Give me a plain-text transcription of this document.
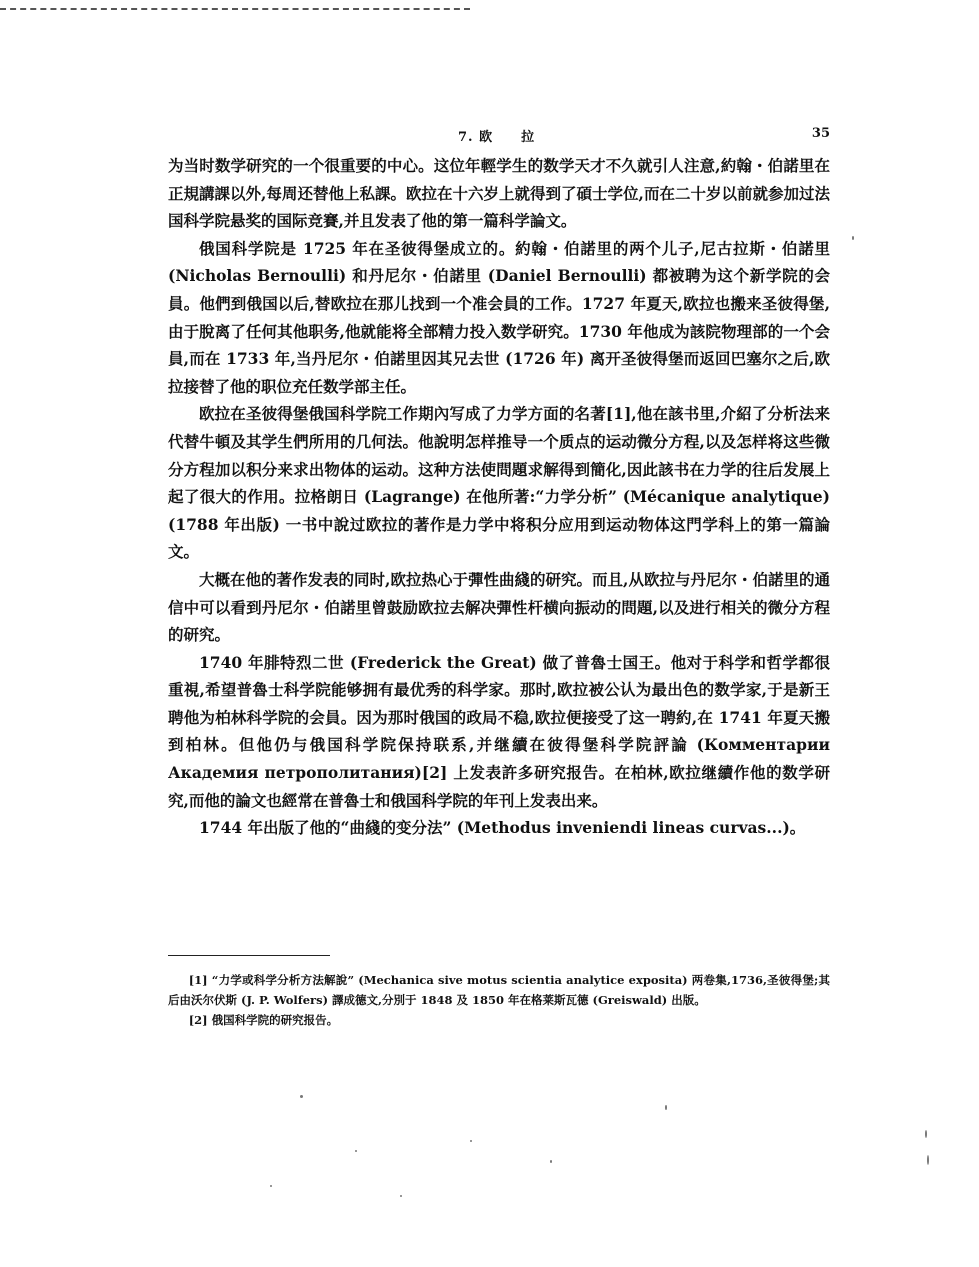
7. 欧　　拉	35

为当时数学研究的一个很重要的中心。这位年輕学生的数学天才不久就引人注意,約翰・伯諾里在正規講課以外,每周还替他上私課。欧拉在十六岁上就得到了碩士学位,而在二十岁以前就参加过法国科学院悬奖的国际竞賽,并且发表了他的第一篇科学論文。

俄国科学院是 1725 年在圣彼得堡成立的。約翰・伯諾里的两个儿子,尼古拉斯・伯諾里 (Nicholas Bernoulli) 和丹尼尔・伯諾里 (Daniel Bernoulli) 都被聘为这个新学院的会員。他們到俄国以后,替欧拉在那儿找到一个准会員的工作。1727 年夏天,欧拉也搬来圣彼得堡,由于脫离了任何其他职务,他就能将全部精力投入数学研究。1730 年他成为該院物理部的一个会員,而在 1733 年,当丹尼尔・伯諾里因其兄去世 (1726 年) 离开圣彼得堡而返回巴塞尔之后,欧拉接替了他的职位充任数学部主任。

欧拉在圣彼得堡俄国科学院工作期內写成了力学方面的名著[1],他在該书里,介紹了分析法来代替牛頓及其学生們所用的几何法。他說明怎样推导一个质点的运动微分方程,以及怎样将这些微分方程加以积分来求出物体的运动。这种方法使問題求解得到簡化,因此該书在力学的往后发展上起了很大的作用。拉格朗日 (Lagrange) 在他所著:“力学分析” (Mécanique analytique) (1788 年出版) 一书中說过欧拉的著作是力学中将积分应用到运动物体这門学科上的第一篇論文。

大概在他的著作发表的同时,欧拉热心于彈性曲綫的研究。而且,从欧拉与丹尼尔・伯諾里的通信中可以看到丹尼尔・伯諾里曾鼓励欧拉去解决彈性杆横向振动的問題,以及进行相关的微分方程的研究。

1740 年腓特烈二世 (Frederick the Great) 做了普魯士国王。他对于科学和哲学都很重視,希望普魯士科学院能够拥有最优秀的科学家。那时,欧拉被公认为最出色的数学家,于是新王聘他为柏林科学院的会員。因为那时俄国的政局不稳,欧拉便接受了这一聘約,在 1741 年夏天搬到柏林。但他仍与俄国科学院保持联系,并继續在彼得堡科学院評論 (Комментарии Академия петрополитания)[2] 上发表許多研究报告。在柏林,欧拉继續作他的数学研究,而他的論文也經常在普魯士和俄国科学院的年刊上发表出来。

1744 年出版了他的“曲綫的变分法” (Methodus inveniendi lineas curvas...)。

[1] “力学或科学分析方法解說” (Mechanica sive motus scientia analytice exposita) 两卷集,1736,圣彼得堡;其后由沃尔伏斯 (J. P. Wolfers) 譯成德文,分別于 1848 及 1850 年在格莱斯瓦德 (Greiswald) 出版。

[2] 俄国科学院的研究报告。
